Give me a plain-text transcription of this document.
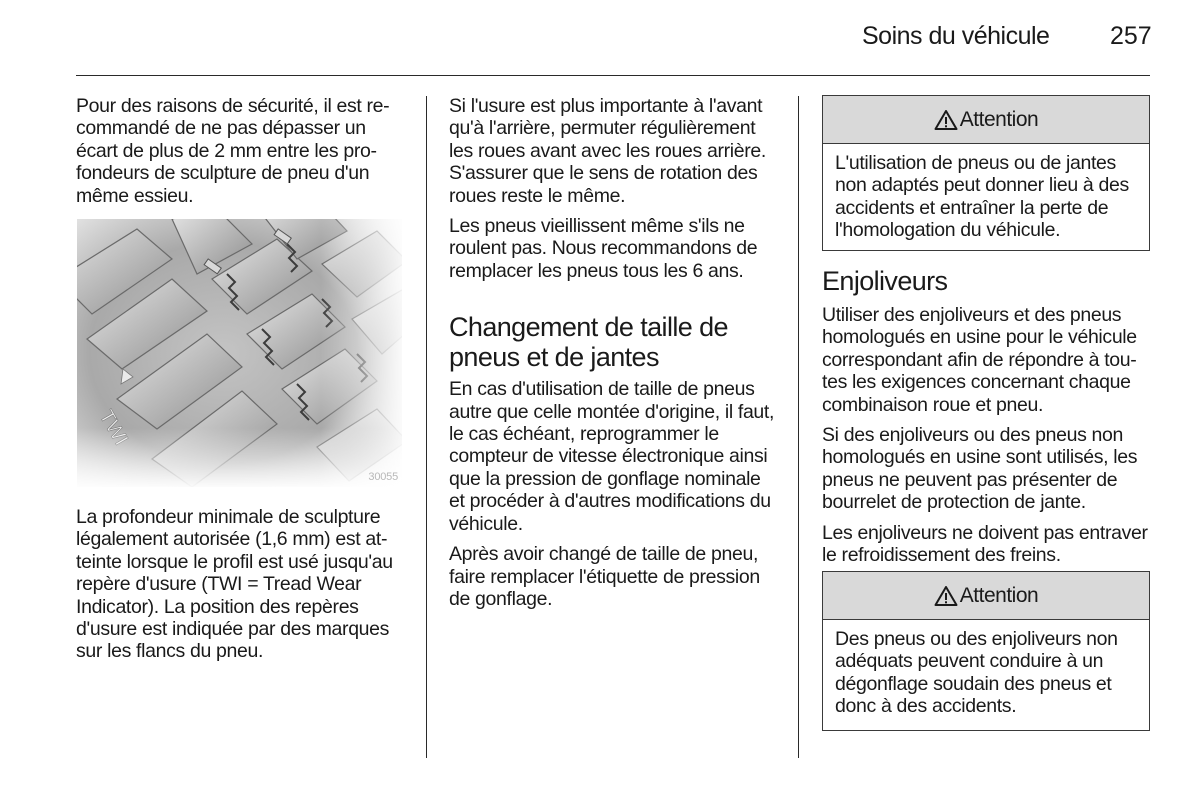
Soins du véhicule 257

Pour des raisons de sécurité, il est recommandé de ne pas dépasser un écart de plus de 2 mm entre les profondeurs de sculpture de pneu d'un même essieu.

30055

La profondeur minimale de sculpture légalement autorisée (1,6 mm) est atteinte lorsque le profil est usé jusqu'au repère d'usure (TWI = Tread Wear Indicator). La position des repères d'usure est indiquée par des marques sur les flancs du pneu.

Si l'usure est plus importante à l'avant qu'à l'arrière, permuter régulièrement les roues avant avec les roues arrière. S'assurer que le sens de rotation des roues reste le même.

Les pneus vieillissent même s'ils ne roulent pas. Nous recommandons de remplacer les pneus tous les 6 ans.

Changement de taille de pneus et de jantes

En cas d'utilisation de taille de pneus autre que celle montée d'origine, il faut, le cas échéant, reprogrammer le compteur de vitesse électronique ainsi que la pression de gonflage nominale et procéder à d'autres modifications du véhicule.

Après avoir changé de taille de pneu, faire remplacer l'étiquette de pression de gonflage.

Attention

L'utilisation de pneus ou de jantes non adaptés peut donner lieu à des accidents et entraîner la perte de l'homologation du véhicule.

Enjoliveurs

Utiliser des enjoliveurs et des pneus homologués en usine pour le véhicule correspondant afin de répondre à toutes les exigences concernant chaque combinaison roue et pneu.

Si des enjoliveurs ou des pneus non homologués en usine sont utilisés, les pneus ne peuvent pas présenter de bourrelet de protection de jante.

Les enjoliveurs ne doivent pas entraver le refroidissement des freins.

Attention

Des pneus ou des enjoliveurs non adéquats peuvent conduire à un dégonflage soudain des pneus et donc à des accidents.
